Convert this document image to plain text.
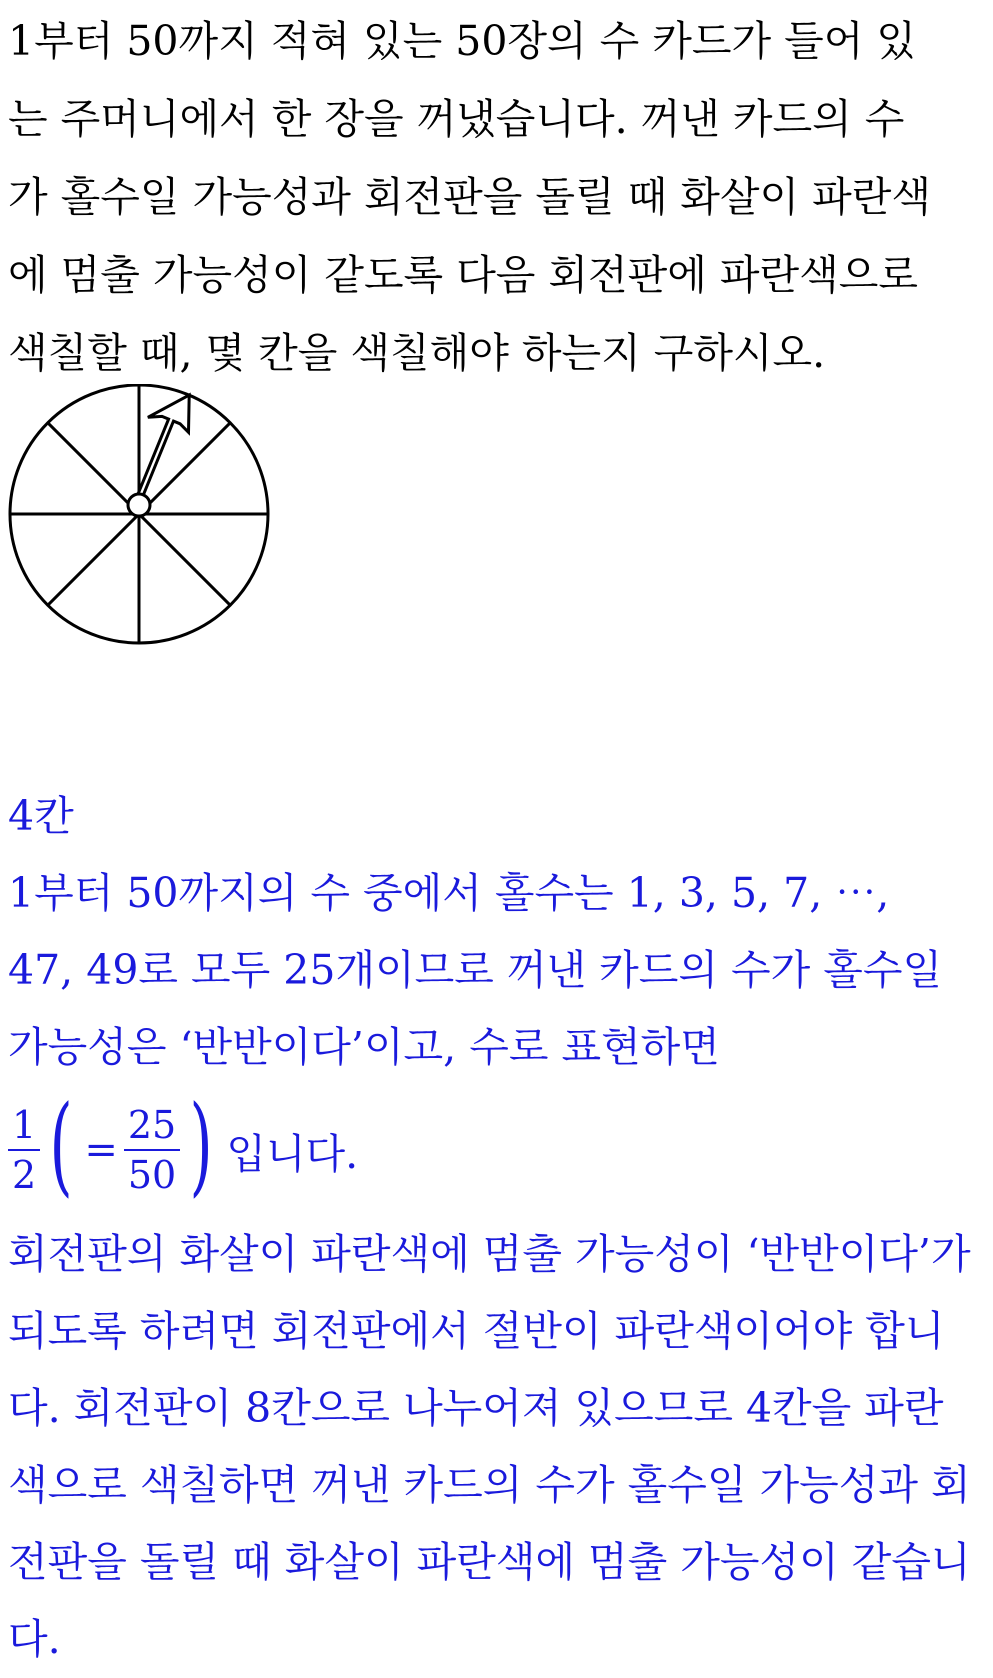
1부터 50까지 적혀 있는 50장의 수 카드가 들어 있
는 주머니에서 한 장을 꺼냈습니다. 꺼낸 카드의 수
가 홀수일 가능성과 회전판을 돌릴 때 화살이 파란색
에 멈출 가능성이 같도록 다음 회전판에 파란색으로
색칠할 때, 몇 칸을 색칠해야 하는지 구하시오.

4칸

1부터 50까지의 수 중에서 홀수는 1, 3, 5, 7, ⋯,

47, 49로 모두 25개이므로 꺼낸 카드의 수가 홀수일

가능성은 ‘반반이다’이고, 수로 표현하면

$\frac{1}{2}$ ( = $\frac{25}{50}$ ) 입니다.

회전판의 화살이 파란색에 멈출 가능성이 ‘반반이다’가

되도록 하려면 회전판에서 절반이 파란색이어야 합니

다. 회전판이 8칸으로 나누어져 있으므로 4칸을 파란

색으로 색칠하면 꺼낸 카드의 수가 홀수일 가능성과 회

전판을 돌릴 때 화살이 파란색에 멈출 가능성이 같습니

다.
